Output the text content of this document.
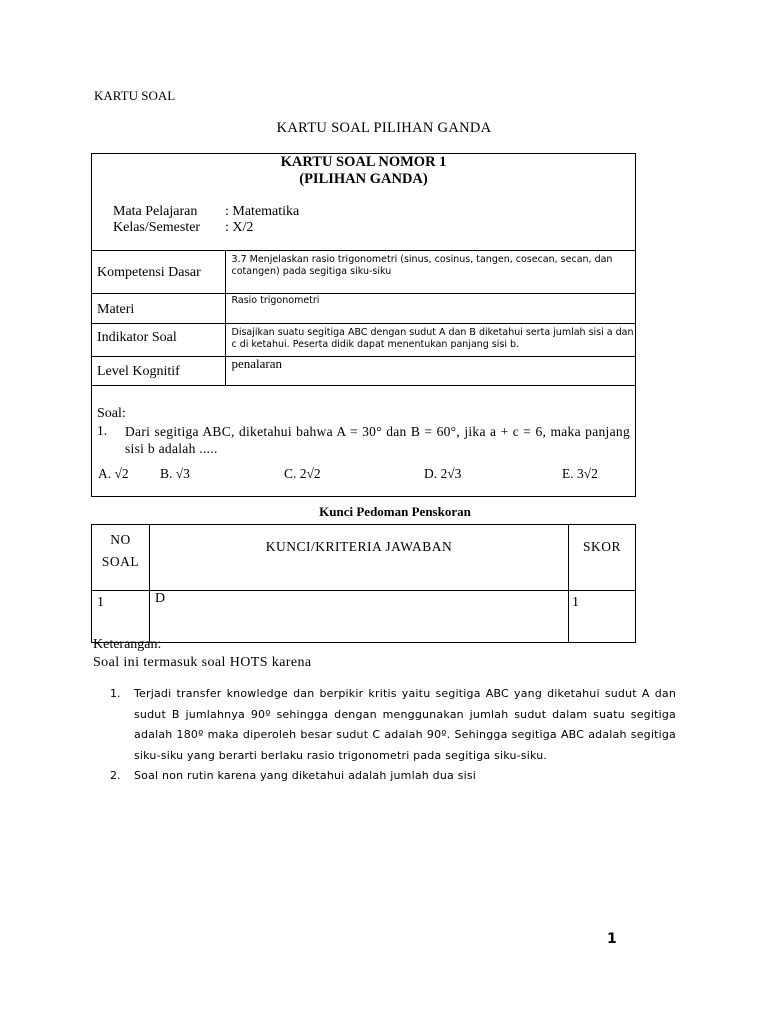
KARTU SOAL
KARTU SOAL PILIHAN GANDA
KARTU SOAL NOMOR 1
(PILIHAN GANDA)
Mata Pelajaran	: Matematika
Kelas/Semester	: X/2
Kompetensi Dasar	3.7 Menjelaskan rasio trigonometri (sinus, cosinus, tangen, cosecan, secan, dan cotangen) pada segitiga siku-siku
Materi	Rasio trigonometri
Indikator Soal	Disajikan suatu segitiga ABC dengan sudut A dan B diketahui serta jumlah sisi a dan c di ketahui. Peserta didik dapat menentukan panjang sisi b.
Level Kognitif	penalaran

Soal:
1. Dari segitiga ABC, diketahui bahwa A = 30° dan B = 60°, jika a + c = 6, maka panjang sisi b adalah .....
A. √2 B. √3	C. 2√2	D. 2√3	E. 3√2
Kunci Pedoman Penskoran
NO SOAL	KUNCI/KRITERIA JAWABAN	SKOR
1	D	1
Keterangan:
Soal ini termasuk soal HOTS karena
1.	Terjadi transfer knowledge dan berpikir kritis yaitu segitiga ABC yang diketahui sudut A dan sudut B jumlahnya 90º sehingga dengan menggunakan jumlah sudut dalam suatu segitiga adalah 180º maka diperoleh besar sudut C adalah 90º. Sehingga segitiga ABC adalah segitiga siku-siku yang berarti berlaku rasio trigonometri pada segitiga siku-siku.
2.	Soal non rutin karena yang diketahui adalah jumlah dua sisi
1
